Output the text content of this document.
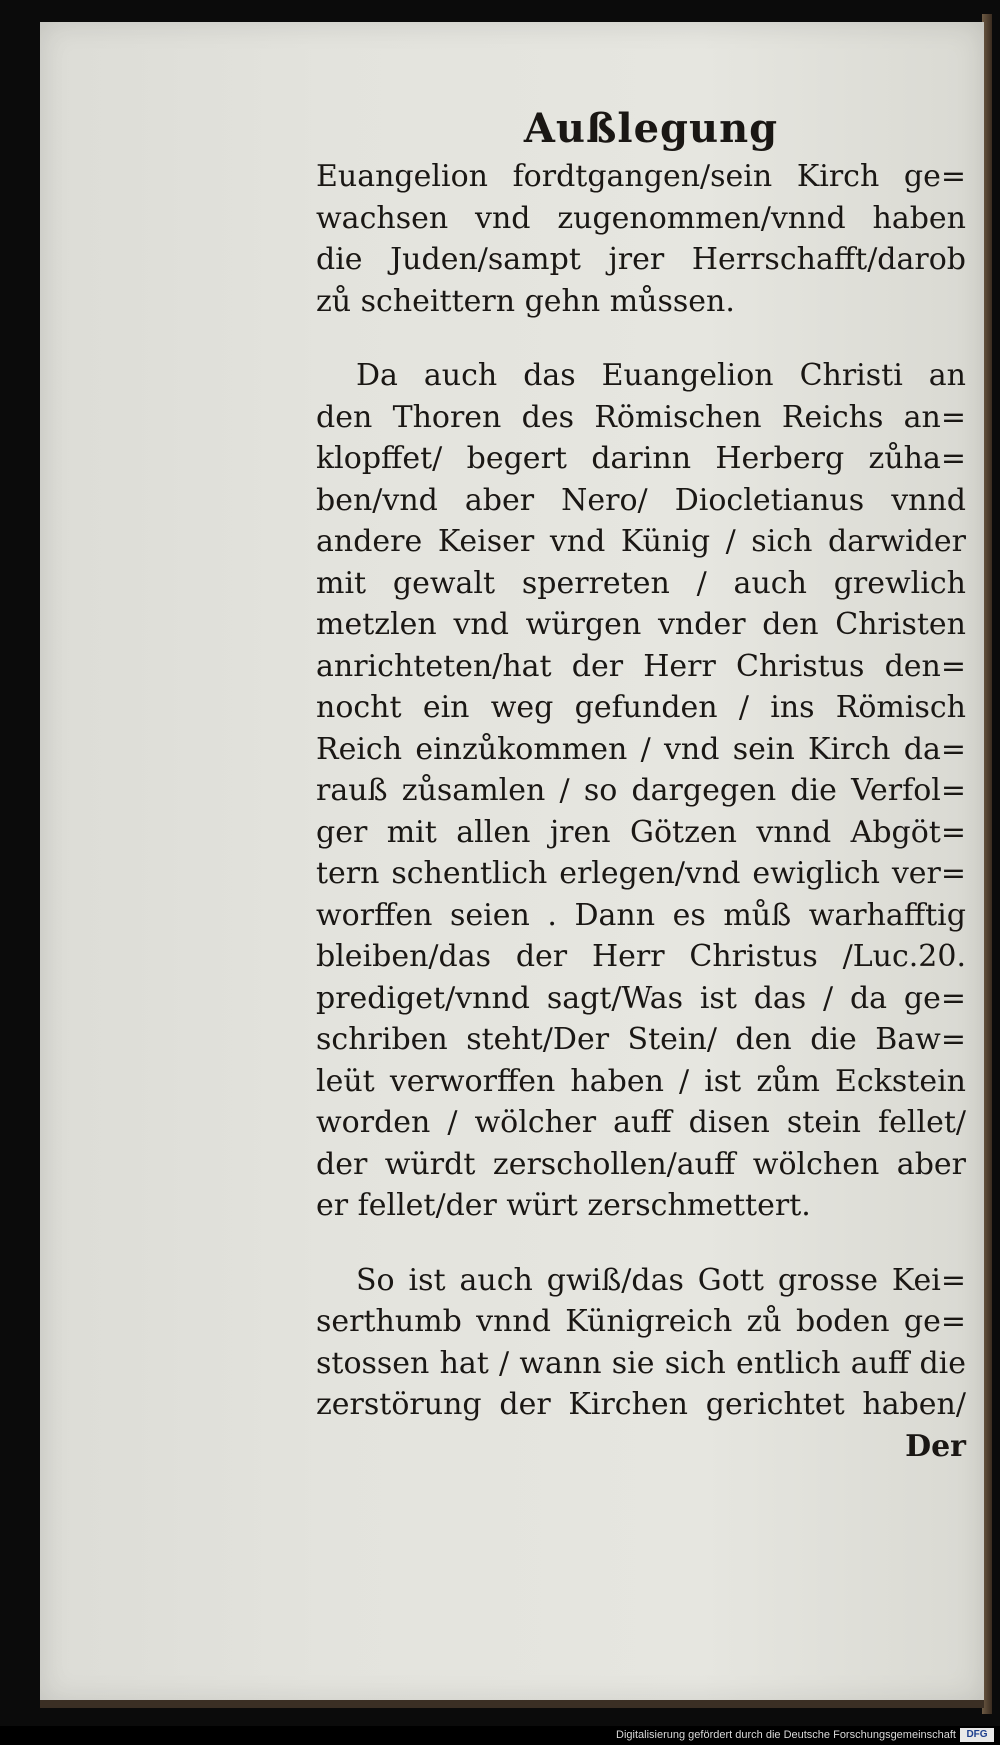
Außlegung
Euangelion fordtgangen/sein Kirch ge=
wachsen vnd zugenommen/vnnd haben
die Juden/sampt jrer Herrschafft/darob
zů scheittern gehn můssen.
Da auch das Euangelion Christi an
den Thoren des Römischen Reichs an=
klopffet/ begert darinn Herberg zůha=
ben/vnd aber Nero/ Diocletianus vnnd
andere Keiser vnd Künig / sich darwider
mit gewalt sperreten / auch grewlich
metzlen vnd würgen vnder den Christen
anrichteten/hat der Herr Christus den=
nocht ein weg gefunden / ins Römisch
Reich einzůkommen / vnd sein Kirch da=
rauß zůsamlen / so dargegen die Verfol=
ger mit allen jren Götzen vnnd Abgöt=
tern schentlich erlegen/vnd ewiglich ver=
worffen seien . Dann es můß warhafftig
bleiben/das der Herr Christus /Luc.20.
prediget/vnnd sagt/Was ist das / da ge=
schriben steht/Der Stein/ den die Baw=
leüt verworffen haben / ist zům Eckstein
worden / wölcher auff disen stein fellet/
der würdt zerschollen/auff wölchen aber
er fellet/der würt zerschmettert.
So ist auch gwiß/das Gott grosse Kei=
serthumb vnnd Künigreich zů boden ge=
stossen hat / wann sie sich entlich auff die
zerstörung der Kirchen gerichtet haben/
Der
Digitalisierung gefördert durch die Deutsche Forschungsgemeinschaft	DFG
